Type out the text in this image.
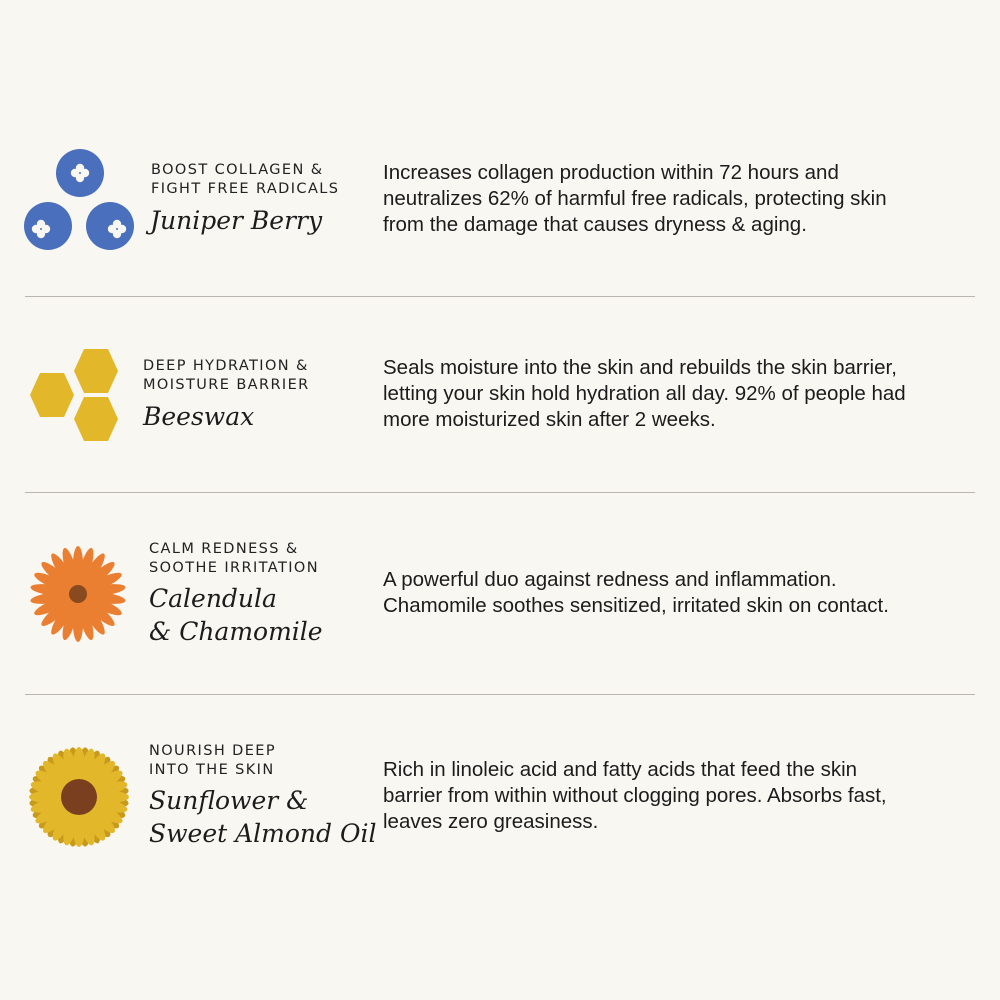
BOOST COLLAGEN &
FIGHT FREE RADICALS

Juniper Berry

Increases collagen production within 72 hours and
neutralizes 62% of harmful free radicals, protecting skin
from the damage that causes dryness & aging.

DEEP HYDRATION &
MOISTURE BARRIER

Beeswax

Seals moisture into the skin and rebuilds the skin barrier,
letting your skin hold hydration all day. 92% of people had
more moisturized skin after 2 weeks.

CALM REDNESS &
SOOTHE IRRITATION

Calendula
& Chamomile

A powerful duo against redness and inflammation.
Chamomile soothes sensitized, irritated skin on contact.

NOURISH DEEP
INTO THE SKIN

Sunflower &
Sweet Almond Oil

Rich in linoleic acid and fatty acids that feed the skin
barrier from within without clogging pores. Absorbs fast,
leaves zero greasiness.
